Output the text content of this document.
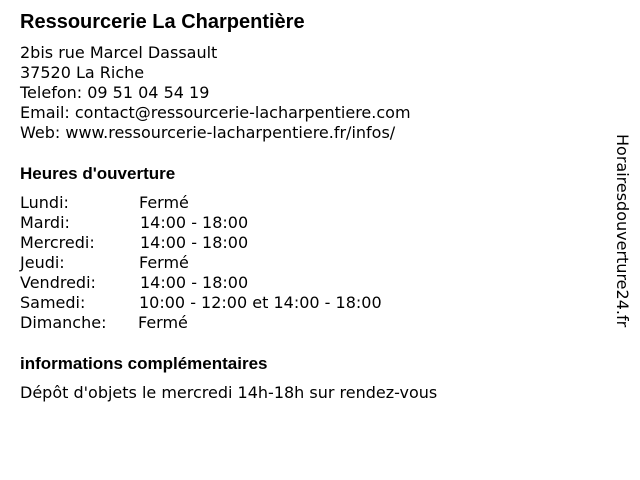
Ressourcerie La Charpentière
2bis rue Marcel Dassault
37520 La Riche
Telefon: 09 51 04 54 19
Email: contact@ressourcerie-lacharpentiere.com
Web: www.ressourcerie-lacharpentiere.fr/infos/
Heures d'ouverture
Lundi:	Fermé
Mardi:	14:00 - 18:00
Mercredi:	14:00 - 18:00
Jeudi:	Fermé
Vendredi:	14:00 - 18:00
Samedi:	10:00 - 12:00 et 14:00 - 18:00
Dimanche: Fermé
informations complémentaires
Dépôt d'objets le mercredi 14h-18h sur rendez-vous
Horairesdouverture24.fr
